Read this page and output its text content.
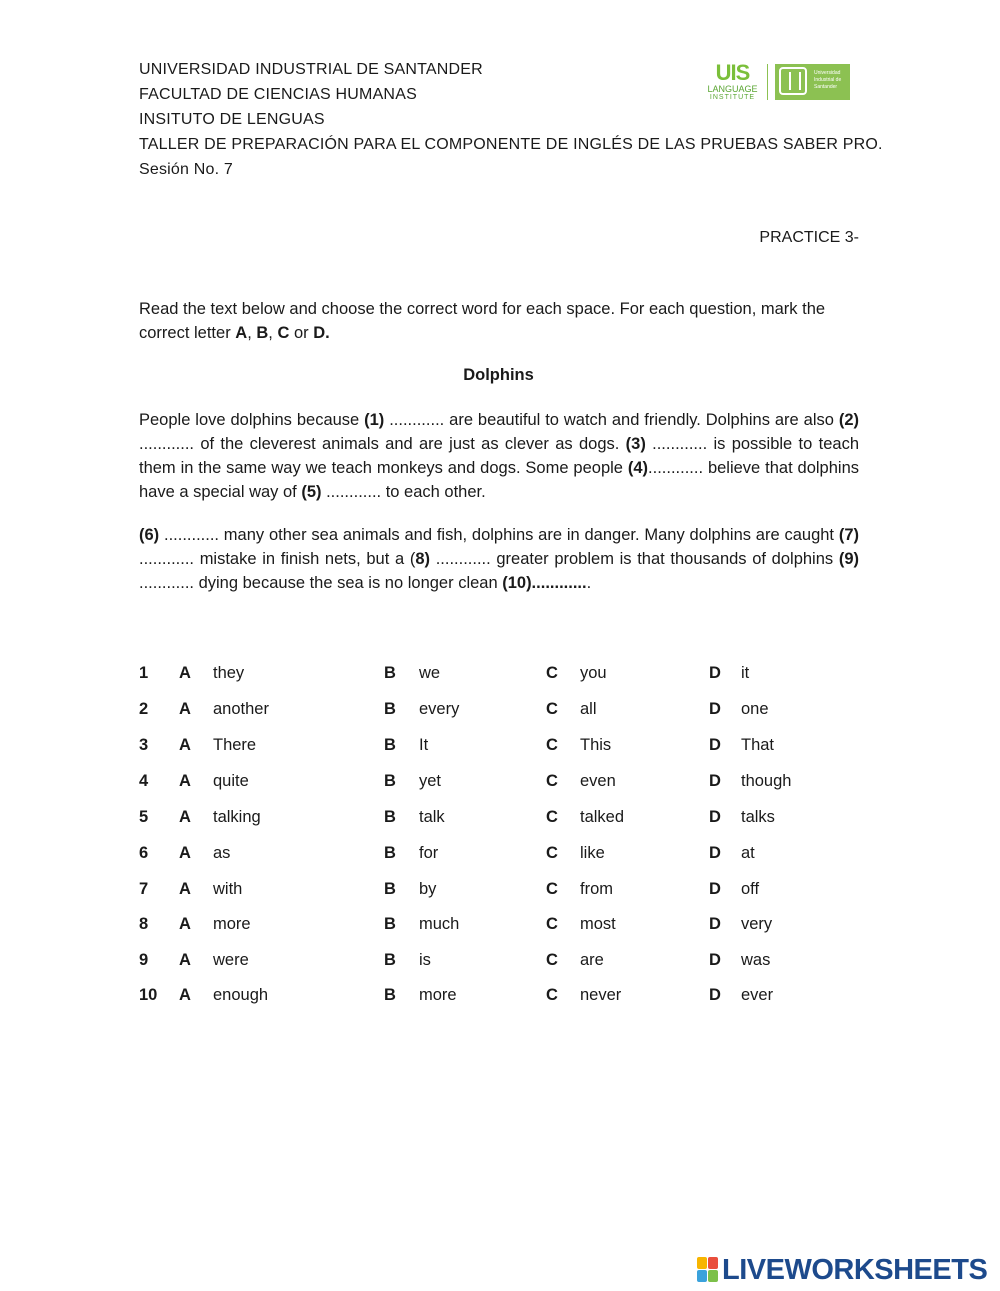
UNIVERSIDAD INDUSTRIAL DE SANTANDER
FACULTAD DE CIENCIAS HUMANAS
INSITUTO DE LENGUAS
TALLER DE PREPARACIÓN PARA EL COMPONENTE DE INGLÉS DE LAS PRUEBAS SABER PRO.
Sesión No. 7
UIS
LANGUAGE
INSTITUTE
Universidad Industrial de Santander
PRACTICE 3-
Read the text below and choose the correct word for each space. For each question, mark the correct letter A, B, C or D.
Dolphins
People love dolphins because (1) ............ are beautiful to watch and friendly. Dolphins are also (2) ............ of the cleverest animals and are just as clever as dogs. (3) ............ is possible to teach them in the same way we teach monkeys and dogs. Some people (4)............ believe that dolphins have a special way of (5) ............ to each other.
(6) ............ many other sea animals and fish, dolphins are in danger. Many dolphins are caught (7) ............ mistake in finish nets, but a (8) ............ greater problem is that thousands of dolphins (9) ............ dying because the sea is no longer clean (10).............
1 A they	B we	C you	D it
2 A another	B every	C all	D one
3 A There	B It	C This	D That
4 A quite	B yet	C even	D though
5 A talking	B talk	C talked	D talks
6 A as	B for	C like	D at
7 A with	B by	C from	D off
8 A more	B much	C most	D very
9 A were	B is	C are	D was
10 A enough	B more	C never	D ever
LIVEWORKSHEETS
